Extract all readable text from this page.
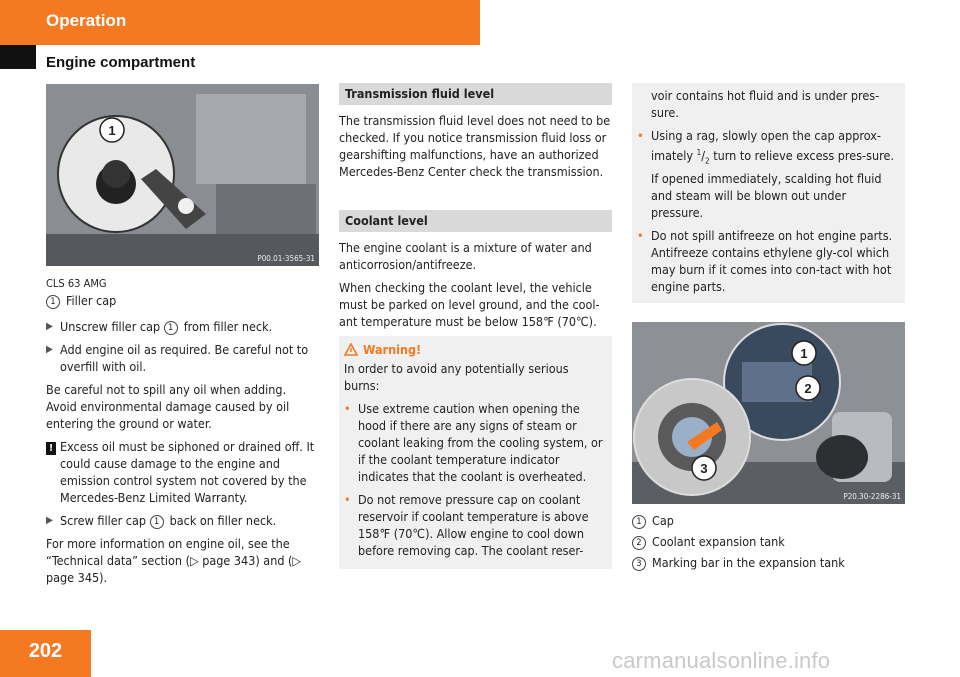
Operation
Engine compartment
1
P00.01-3565-31
CLS 63 AMG
1 Filler cap
▶ Unscrew filler cap 1 from filler neck.
▶ Add engine oil as required. Be careful not to overfill with oil.

Be careful not to spill any oil when adding. Avoid environmental damage caused by oil entering the ground or water.

! Excess oil must be siphoned or drained off. It could cause damage to the engine and emission control system not covered by the Mercedes-Benz Limited Warranty.
▶ Screw filler cap 1 back on filler neck.

For more information on engine oil, see the “Technical data” section (▷ page 343) and (▷ page 345).

Transmission fluid level

The transmission fluid level does not need to be checked. If you notice transmission fluid loss or gearshifting malfunctions, have an authorized Mercedes-Benz Center check the transmission.

Coolant level

The engine coolant is a mixture of water and anticorrosion/antifreeze.

When checking the coolant level, the vehicle must be parked on level ground, and the cool-ant temperature must be below 158℉ (70℃).

Warning!

In order to avoid any potentially serious burns:

• Use extreme caution when opening the hood if there are any signs of steam or coolant leaking from the cooling system, or if the coolant temperature indicator indicates that the coolant is overheated.
• Do not remove pressure cap on coolant reservoir if coolant temperature is above 158℉ (70℃). Allow engine to cool down before removing cap. The coolant reser-

voir contains hot fluid and is under pres-sure.

• Using a rag, slowly open the cap approx-imately $^1/_2$ turn to relieve excess pres-sure. If opened immediately, scalding hot fluid and steam will be blown out under pressure.
• Do not spill antifreeze on hot engine parts. Antifreeze contains ethylene gly-col which may burn if it comes into con-tact with hot engine parts.
1
2
3
P20.30-2286-31
1 Cap
2 Coolant expansion tank
3 Marking bar in the expansion tank
202	carmanualsonline.info
